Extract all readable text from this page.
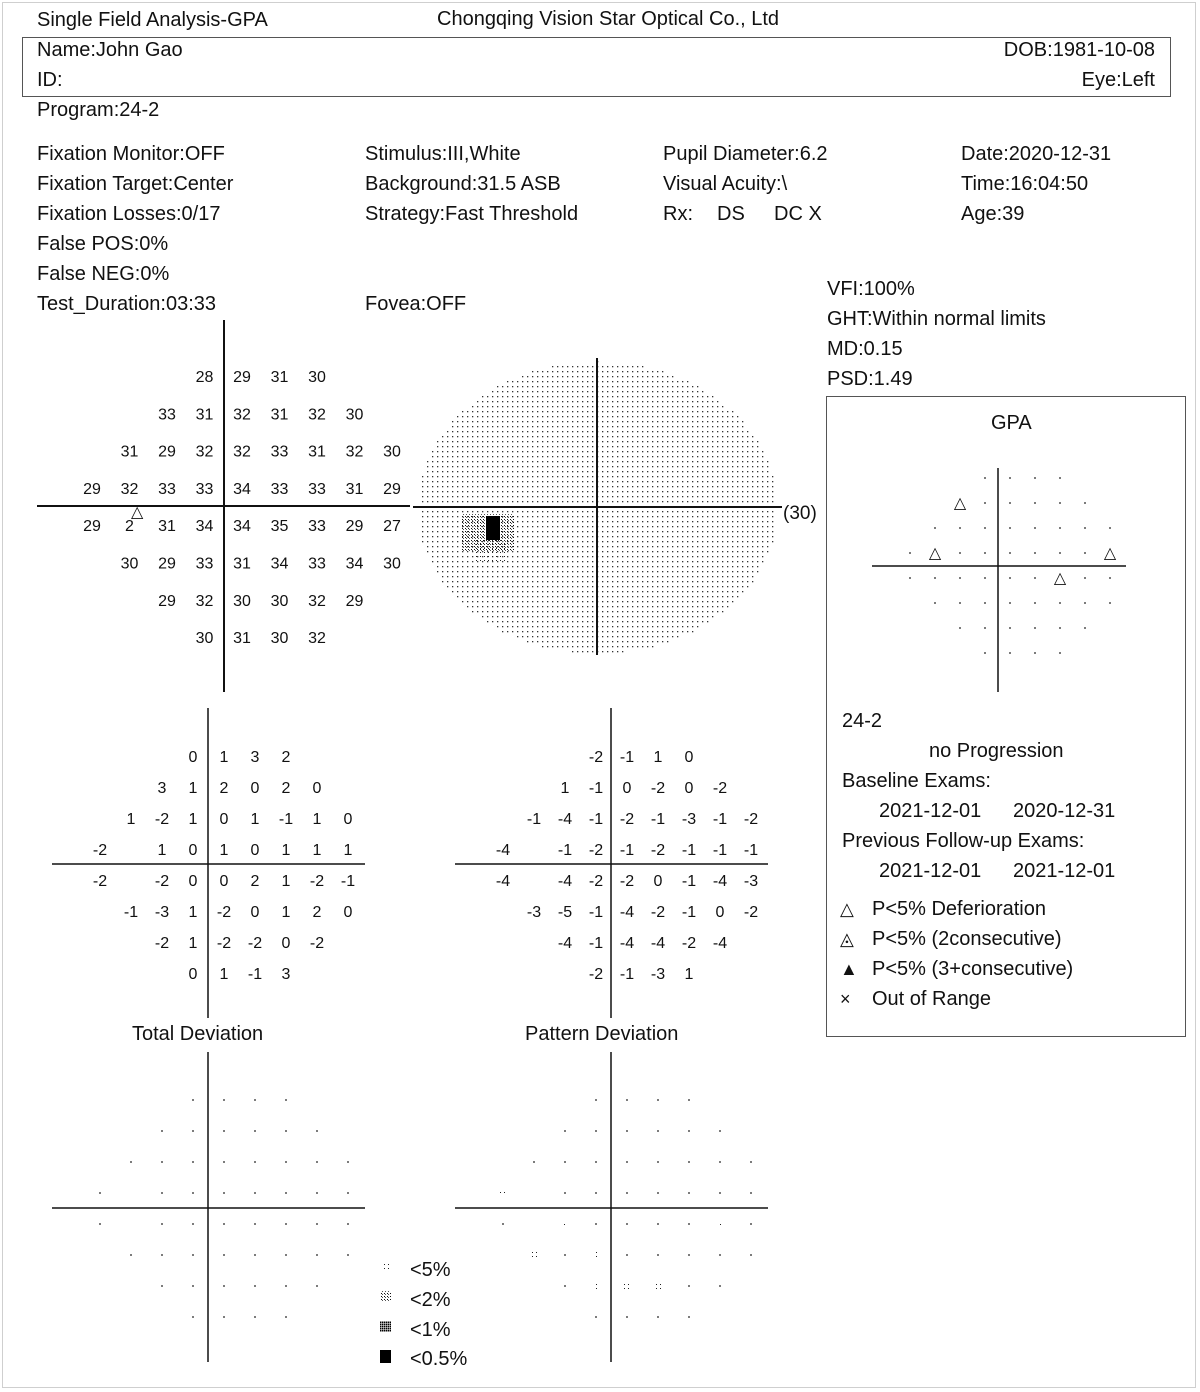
Single Field Analysis-GPA	Chongqing Vision Star Optical Co., Ltd
Name:John Gao	DOB:1981-10-08
ID:	Eye:Left
Program:24-2
Fixation Monitor:OFF
Fixation Target:Center
Fixation Losses:0/17
False POS:0%
False NEG:0%
Test_Duration:03:33
Stimulus:III,White
Background:31.5 ASB
Strategy:Fast Threshold
Fovea:OFF
Pupil Diameter:6.2
Visual Acuity:\
Rx: DS DC X
Date:2020-12-31
Time:16:04:50
Age:39
VFI:100%
GHT:Within normal limits
MD:0.15
PSD:1.49
GPA
24-2
no Progression
Baseline Exams:
2021-12-01 2020-12-31
Previous Follow-up Exams:
2021-12-01 2021-12-01
△ P<5% Deferioration
◬ P<5% (2consecutive)
▲ P<5% (3+consecutive)
× Out of Range
Total Deviation	Pattern Deviation
<5%
<2%
<1%
<0.5%
28 29 31 30
33 31 32 31 32 30
31 29 32 32 33 31 32 30
29 32 33 33 34 33 33 31 29
29 2 31 34 34 35 33 29 27
30 29 33 31 34 33 34 30
29 32 30 30 32 29
30 31 30 32
△	(30)
0 1 3 2
3 1 2 0 2 0
1 -2 1 0 1 -1 1 0
-2	1 0 1 0 1 1 1
-2	-2 0 0 2 1 -2 -1
-1 -3 1 -2 0 1 2 0
-2 1 -2 -2 0 -2
0 1 -1 3
-2 -1 1 0
1 -1 0 -2 0 -2
-1 -4 -1 -2 -1 -3 -1 -2
-4	-1 -2 -1 -2 -1 -1 -1
-4	-4 -2 -2 0 -1 -4 -3
-3 -5 -1 -4 -2 -1 0 -2
-4 -1 -4 -4 -2 -4
-2 -1 -3 1
△
△	△
△
